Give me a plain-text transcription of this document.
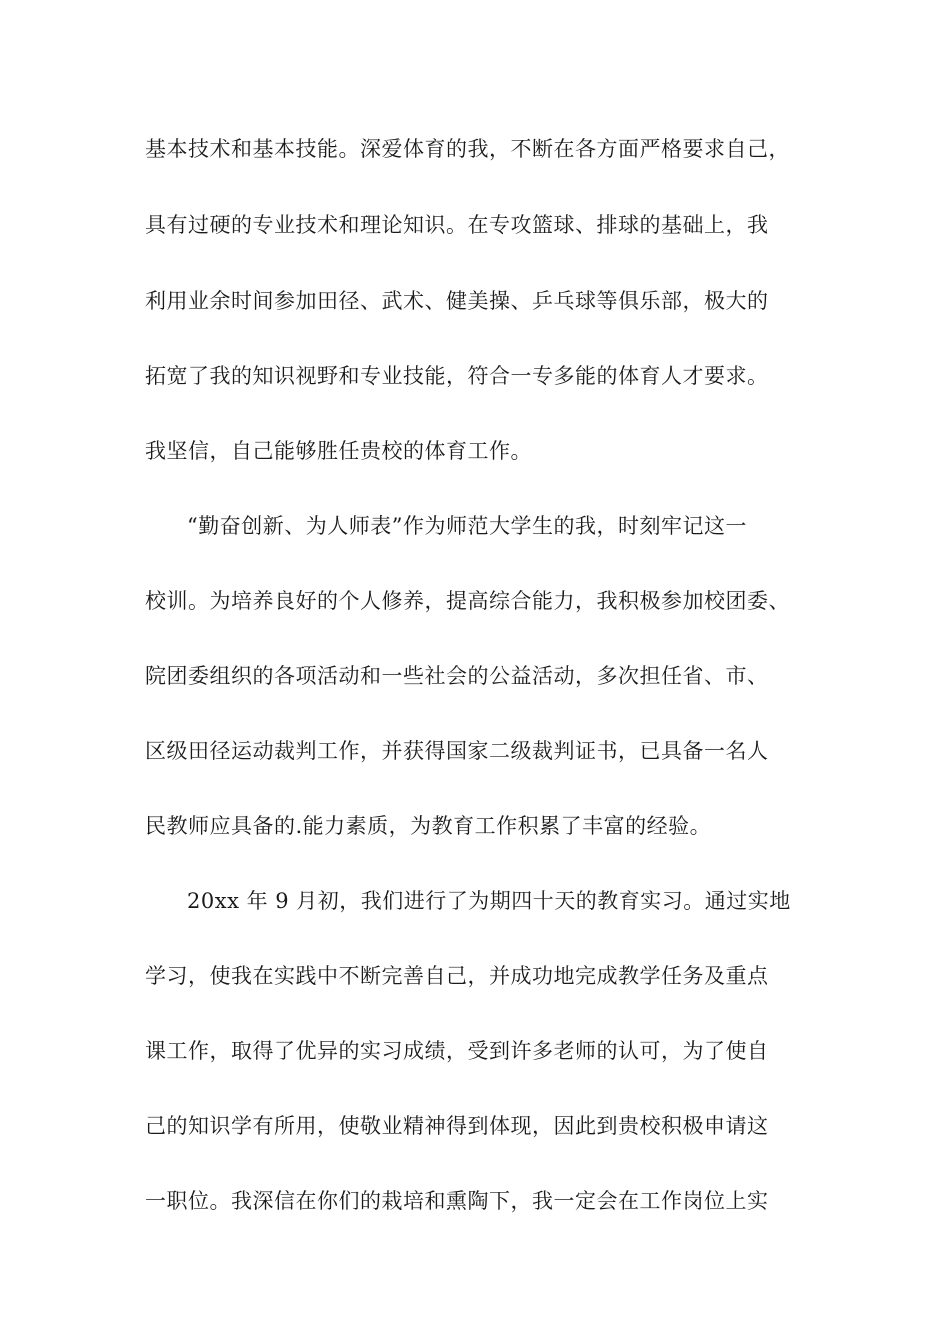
基本技术和基本技能。深爱体育的我，不断在各方面严格要求自己，
具有过硬的专业技术和理论知识。在专攻篮球、排球的基础上，我
利用业余时间参加田径、武术、健美操、乒乓球等俱乐部，极大的
拓宽了我的知识视野和专业技能，符合一专多能的体育人才要求。
我坚信，自己能够胜任贵校的体育工作。
“勤奋创新、为人师表”作为师范大学生的我，时刻牢记这一
校训。为培养良好的个人修养，提高综合能力，我积极参加校团委、
院团委组织的各项活动和一些社会的公益活动，多次担任省、市、
区级田径运动裁判工作，并获得国家二级裁判证书，已具备一名人
民教师应具备的.能力素质，为教育工作积累了丰富的经验。
20xx 年 9 月初，我们进行了为期四十天的教育实习。通过实地
学习，使我在实践中不断完善自己，并成功地完成教学任务及重点
课工作，取得了优异的实习成绩，受到许多老师的认可，为了使自
己的知识学有所用，使敬业精神得到体现，因此到贵校积极申请这
一职位。我深信在你们的栽培和熏陶下，我一定会在工作岗位上实
